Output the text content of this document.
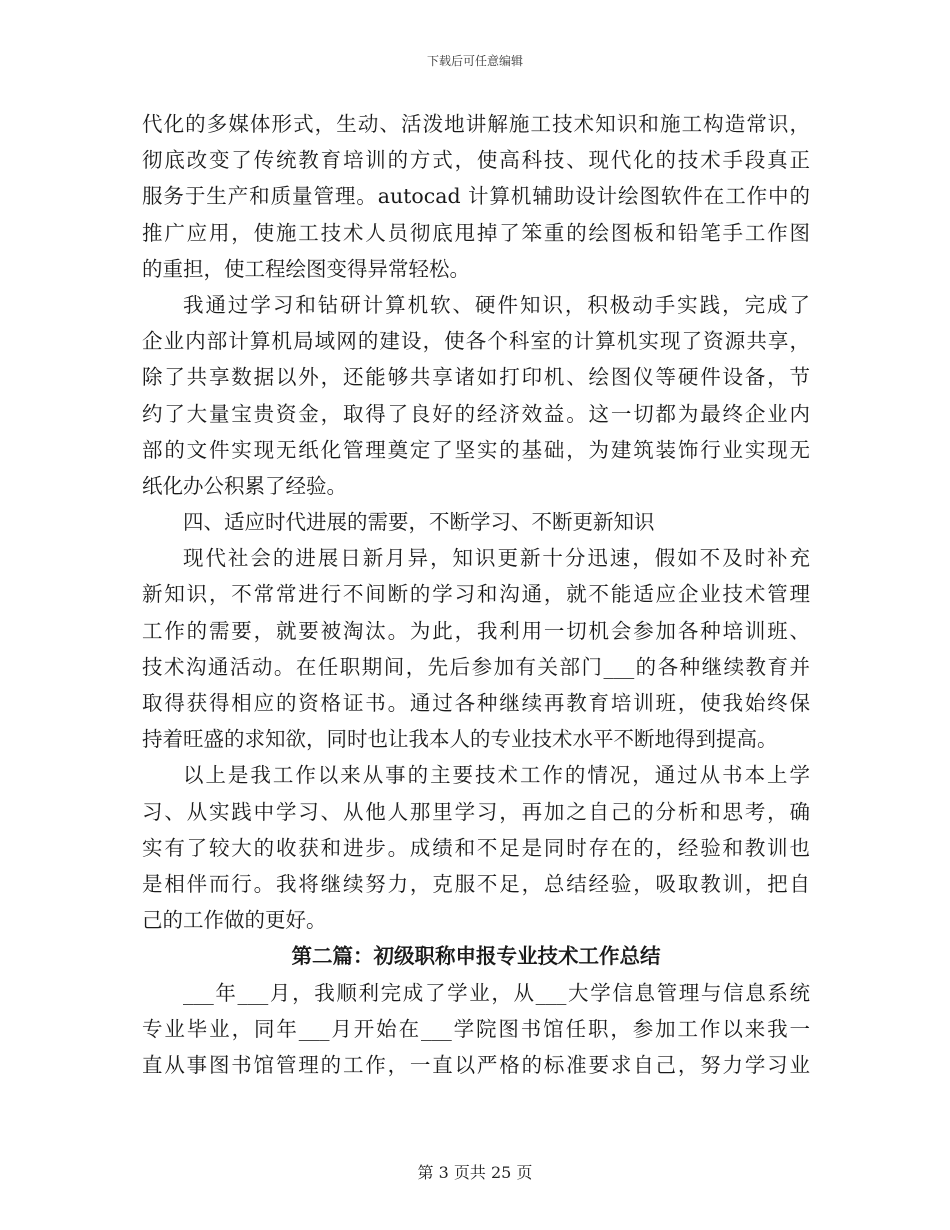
下载后可任意编辑
代化的多媒体形式，生动、活泼地讲解施工技术知识和施工构造常识，
彻底改变了传统教育培训的方式，使高科技、现代化的技术手段真正
服务于生产和质量管理。autocad 计算机辅助设计绘图软件在工作中的
推广应用，使施工技术人员彻底甩掉了笨重的绘图板和铅笔手工作图
的重担，使工程绘图变得异常轻松。
我通过学习和钻研计算机软、硬件知识，积极动手实践，完成了
企业内部计算机局域网的建设，使各个科室的计算机实现了资源共享，
除了共享数据以外，还能够共享诸如打印机、绘图仪等硬件设备，节
约了大量宝贵资金，取得了良好的经济效益。这一切都为最终企业内
部的文件实现无纸化管理奠定了坚实的基础，为建筑装饰行业实现无
纸化办公积累了经验。
四、适应时代进展的需要，不断学习、不断更新知识
现代社会的进展日新月异，知识更新十分迅速，假如不及时补充
新知识，不常常进行不间断的学习和沟通，就不能适应企业技术管理
工作的需要，就要被淘汰。为此，我利用一切机会参加各种培训班、
技术沟通活动。在任职期间，先后参加有关部门___的各种继续教育并
取得获得相应的资格证书。通过各种继续再教育培训班，使我始终保
持着旺盛的求知欲，同时也让我本人的专业技术水平不断地得到提高。
以上是我工作以来从事的主要技术工作的情况，通过从书本上学
习、从实践中学习、从他人那里学习，再加之自己的分析和思考，确
实有了较大的收获和进步。成绩和不足是同时存在的，经验和教训也
是相伴而行。我将继续努力，克服不足，总结经验，吸取教训，把自
己的工作做的更好。
第二篇：初级职称申报专业技术工作总结
___年___月，我顺利完成了学业，从___大学信息管理与信息系统
专业毕业，同年___月开始在___学院图书馆任职，参加工作以来我一
直从事图书馆管理的工作，一直以严格的标准要求自己，努力学习业
第 3 页共 25 页
